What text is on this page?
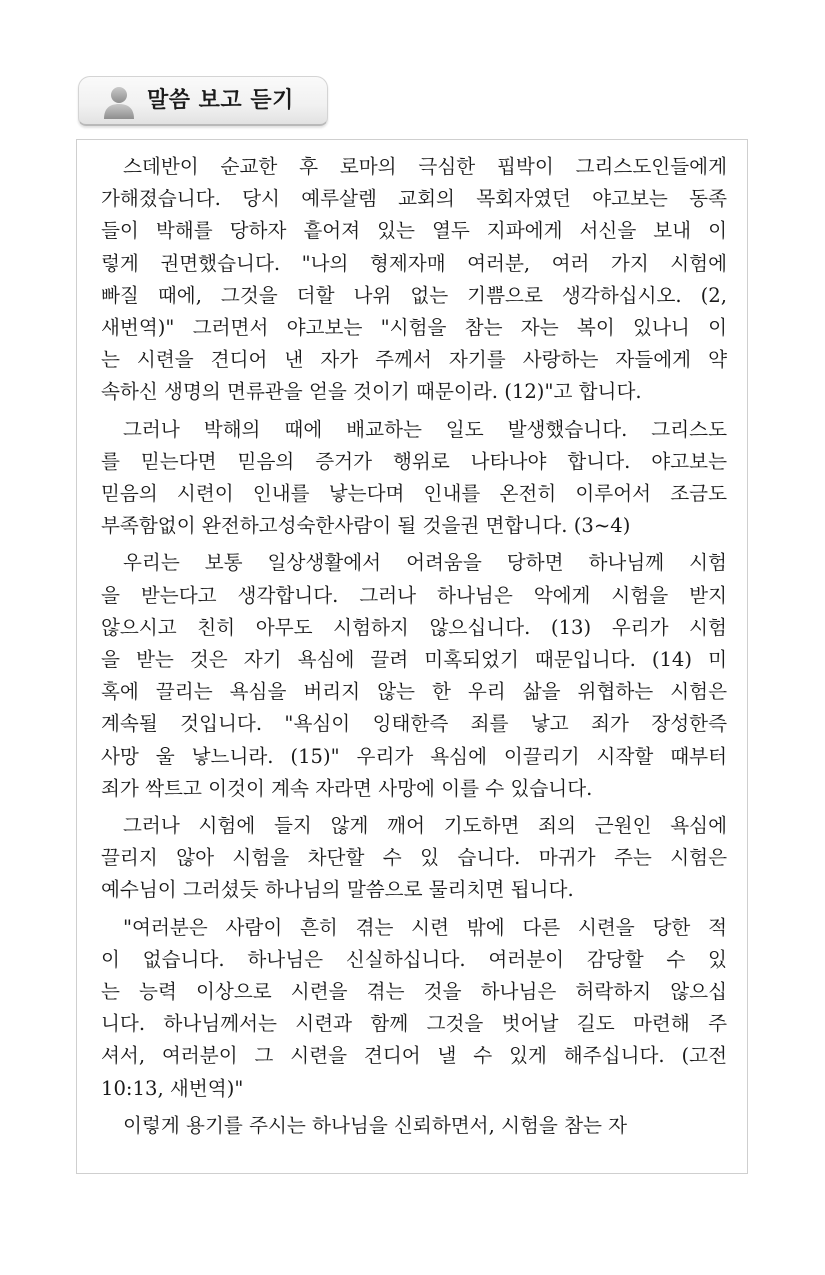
말씀 보고 듣기

스데반이 순교한 후 로마의 극심한 핍박이 그리스도인들에게
가해졌습니다. 당시 예루살렘 교회의 목회자였던 야고보는 동족
들이 박해를 당하자 흩어져 있는 열두 지파에게 서신을 보내 이
렇게 권면했습니다. "나의 형제자매 여러분, 여러 가지 시험에
빠질 때에, 그것을 더할 나위 없는 기쁨으로 생각하십시오. (2,
새번역)" 그러면서 야고보는 "시험을 참는 자는 복이 있나니 이
는 시련을 견디어 낸 자가 주께서 자기를 사랑하는 자들에게 약
속하신 생명의 면류관을 얻을 것이기 때문이라. (12)"고 합니다.

그러나 박해의 때에 배교하는 일도 발생했습니다. 그리스도
를 믿는다면 믿음의 증거가 행위로 나타나야 합니다. 야고보는
믿음의 시련이 인내를 낳는다며 인내를 온전히 이루어서 조금도
부족함없이 완전하고성숙한사람이 될 것을권 면합니다. (3~4)

우리는 보통 일상생활에서 어려움을 당하면 하나님께 시험
을 받는다고 생각합니다. 그러나 하나님은 악에게 시험을 받지
않으시고 친히 아무도 시험하지 않으십니다. (13) 우리가 시험
을 받는 것은 자기 욕심에 끌려 미혹되었기 때문입니다. (14) 미
혹에 끌리는 욕심을 버리지 않는 한 우리 삶을 위협하는 시험은
계속될 것입니다. "욕심이 잉태한즉 죄를 낳고 죄가 장성한즉
사망 울 낳느니라. (15)" 우리가 욕심에 이끌리기 시작할 때부터
죄가 싹트고 이것이 계속 자라면 사망에 이를 수 있습니다.

그러나 시험에 들지 않게 깨어 기도하면 죄의 근원인 욕심에
끌리지 않아 시험을 차단할 수 있 습니다. 마귀가 주는 시험은
예수님이 그러셨듯 하나님의 말씀으로 물리치면 됩니다.

"여러분은 사람이 흔히 겪는 시련 밖에 다른 시련을 당한 적
이 없습니다. 하나님은 신실하십니다. 여러분이 감당할 수 있
는 능력 이상으로 시련을 겪는 것을 하나님은 허락하지 않으십
니다. 하나님께서는 시련과 함께 그것을 벗어날 길도 마련해 주
셔서, 여러분이 그 시련을 견디어 낼 수 있게 해주십니다. (고전
10:13, 새번역)"

이렇게 용기를 주시는 하나님을 신뢰하면서, 시험을 참는 자
